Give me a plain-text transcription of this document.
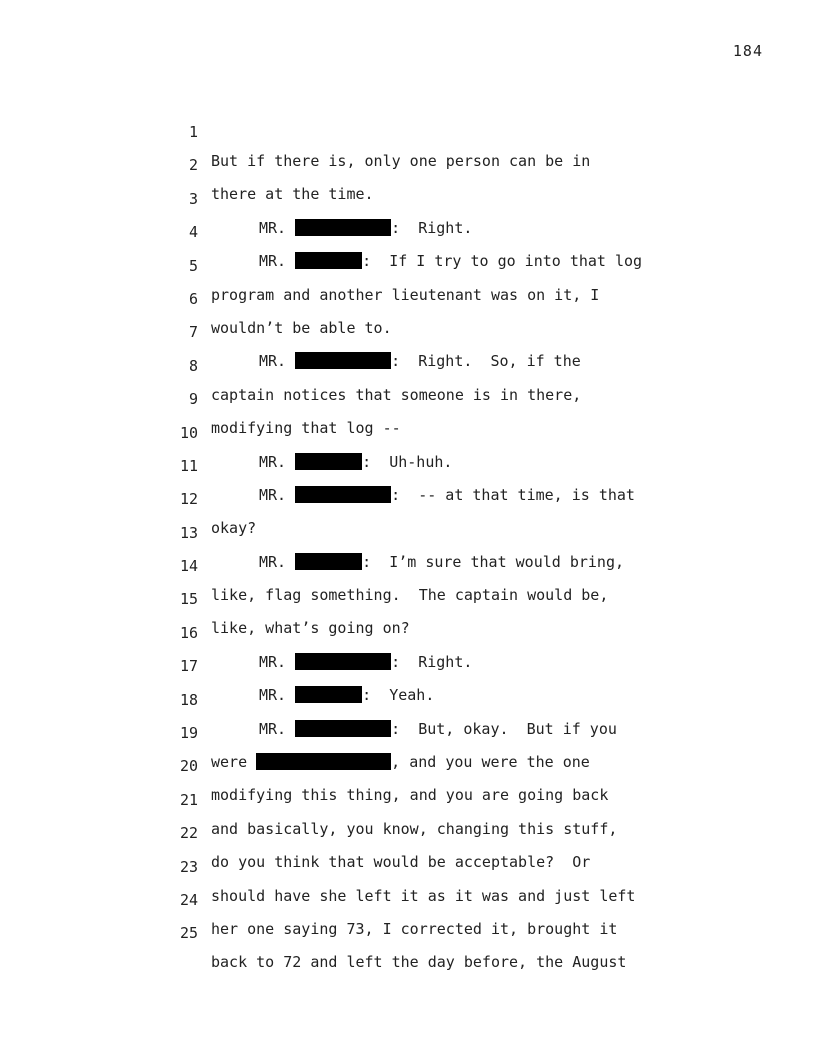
184

1

But if there is, only one person can be in

2

there at the time.

3

MR.	:  Right.

4

MR.	:  If I try to go into that log

5

program and another lieutenant was on it, I

6

wouldn’t be able to.

7

MR.	:  Right.  So, if the

8

captain notices that someone is in there,

9

modifying that log --

10

MR.	:  Uh-huh.

11

MR.	:  -- at that time, is that

12

okay?

13

MR.	:  I’m sure that would bring,

14

like, flag something.  The captain would be,

15

like, what’s going on?

16

MR.	:  Right.

17

MR.	:  Yeah.

18

MR.	:  But, okay.  But if you

19

were	, and you were the one

20

modifying this thing, and you are going back

21

and basically, you know, changing this stuff,

22

do you think that would be acceptable?  Or

23

should have she left it as it was and just left

24

her one saying 73, I corrected it, brought it

25

back to 72 and left the day before, the August
